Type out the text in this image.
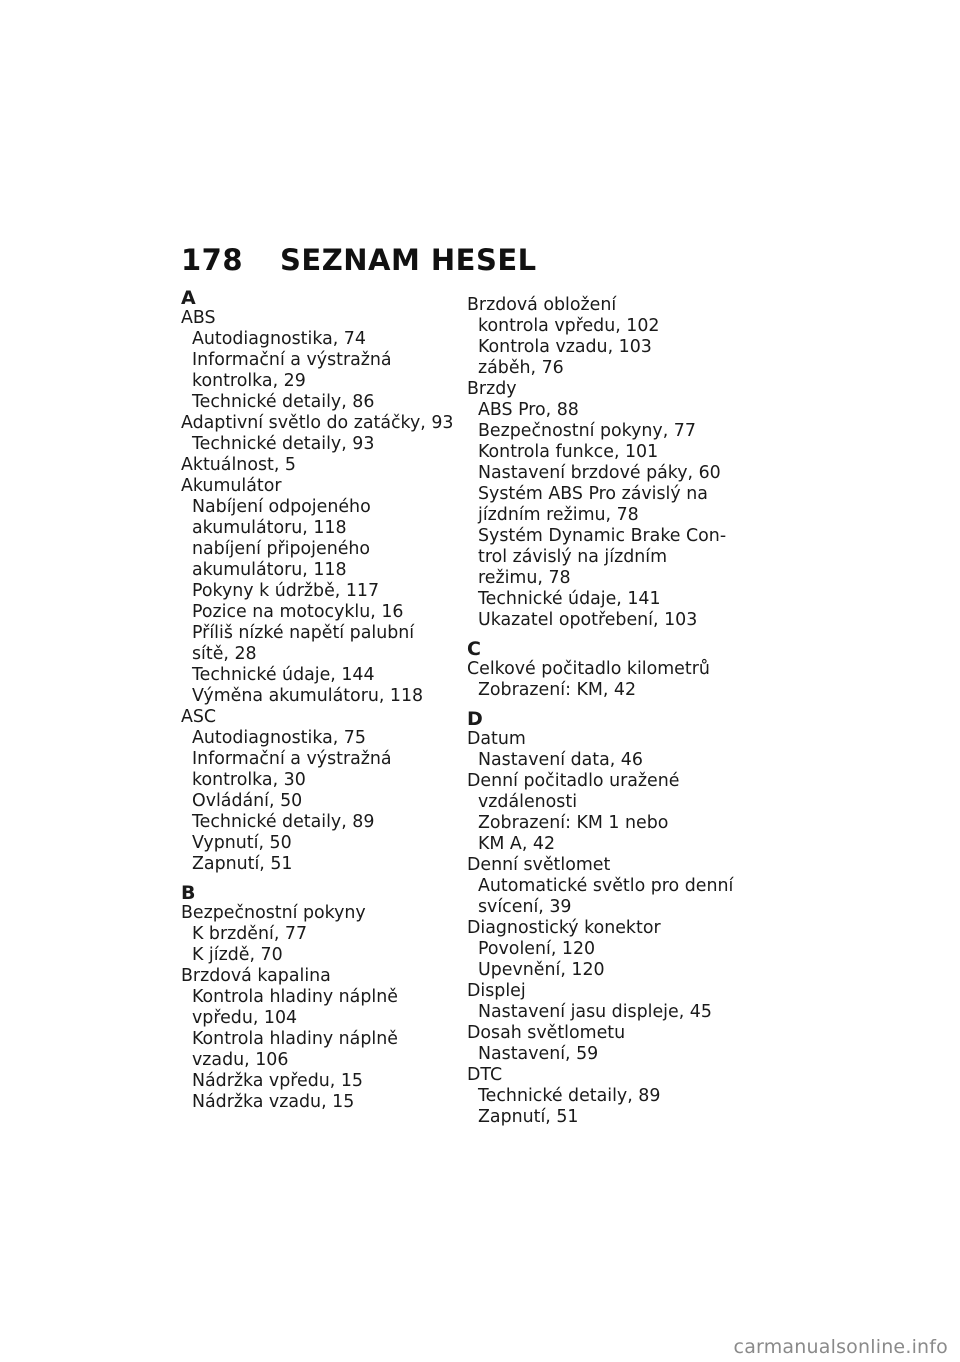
178 SEZNAM HESEL
A
ABS
Autodiagnostika, 74
Informační a výstražná
kontrolka, 29
Technické detaily, 86
Adaptivní světlo do zatáčky, 93
Technické detaily, 93
Aktuálnost, 5
Akumulátor
Nabíjení odpojeného
akumulátoru, 118
nabíjení připojeného
akumulátoru, 118
Pokyny k údržbě, 117
Pozice na motocyklu, 16
Příliš nízké napětí palubní
sítě, 28
Technické údaje, 144
Výměna akumulátoru, 118
ASC
Autodiagnostika, 75
Informační a výstražná
kontrolka, 30
Ovládání, 50
Technické detaily, 89
Vypnutí, 50
Zapnutí, 51
B
Bezpečnostní pokyny
K brzdění, 77
K jízdě, 70
Brzdová kapalina
Kontrola hladiny náplně
vpředu, 104
Kontrola hladiny náplně
vzadu, 106
Nádržka vpředu, 15
Nádržka vzadu, 15
Brzdová obložení
kontrola vpředu, 102
Kontrola vzadu, 103
záběh, 76
Brzdy
ABS Pro, 88
Bezpečnostní pokyny, 77
Kontrola funkce, 101
Nastavení brzdové páky, 60
Systém ABS Pro závislý na
jízdním režimu, 78
Systém Dynamic Brake Con-
trol závislý na jízdním
režimu, 78
Technické údaje, 141
Ukazatel opotřebení, 103
C
Celkové počitadlo kilometrů
Zobrazení: KM, 42
D
Datum
Nastavení data, 46
Denní počitadlo uražené
vzdálenosti
Zobrazení: KM 1 nebo
KM A, 42
Denní světlomet
Automatické světlo pro denní
svícení, 39
Diagnostický konektor
Povolení, 120
Upevnění, 120
Displej
Nastavení jasu displeje, 45
Dosah světlometu
Nastavení, 59
DTC
Technické detaily, 89
Zapnutí, 51
carmanualsonline.info
